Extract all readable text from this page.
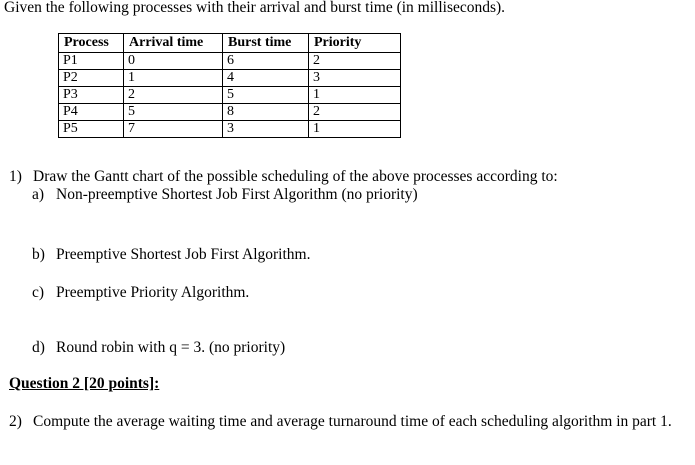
Given the following processes with their arrival and burst time (in milliseconds).
Process	Arrival time	Burst time	Priority
P1	0	6	2
P2	1	4	3
P3	2	5	1
P4	5	8	2
P5	7	3	1
1) Draw the Gantt chart of the possible scheduling of the above processes according to:
a) Non-preemptive Shortest Job First Algorithm (no priority)
b) Preemptive Shortest Job First Algorithm.
c) Preemptive Priority Algorithm.
d) Round robin with q = 3. (no priority)
Question 2 [20 points]:
2) Compute the average waiting time and average turnaround time of each scheduling algorithm in part 1.
